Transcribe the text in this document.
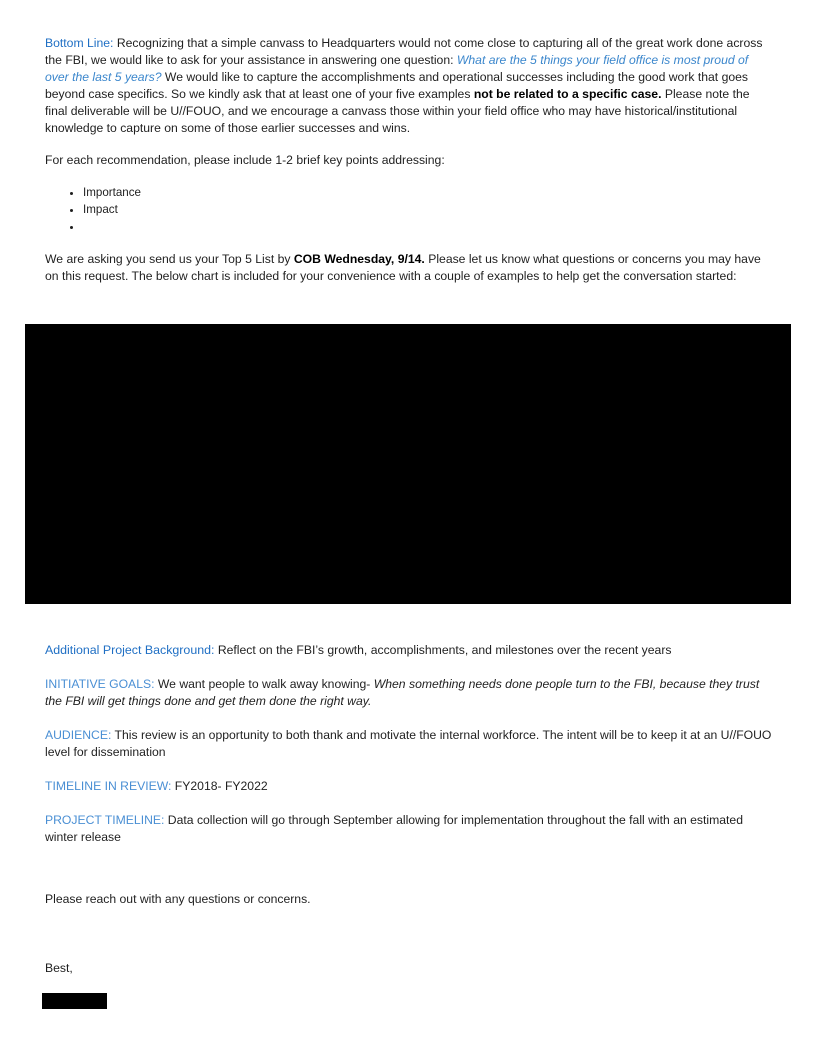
Bottom Line: Recognizing that a simple canvass to Headquarters would not come close to capturing all of the great work done across the FBI, we would like to ask for your assistance in answering one question: What are the 5 things your field office is most proud of over the last 5 years? We would like to capture the accomplishments and operational successes including the good work that goes beyond case specifics. So we kindly ask that at least one of your five examples not be related to a specific case. Please note the final deliverable will be U//FOUO, and we encourage a canvass those within your field office who may have historical/institutional knowledge to capture on some of those earlier successes and wins.

For each recommendation, please include 1-2 brief key points addressing:

• Importance
• Impact
•

We are asking you send us your Top 5 List by COB Wednesday, 9/14. Please let us know what questions or concerns you may have on this request. The below chart is included for your convenience with a couple of examples to help get the conversation started:

Additional Project Background: Reflect on the FBI’s growth, accomplishments, and milestones over the recent years

INITIATIVE GOALS: We want people to walk away knowing- When something needs done people turn to the FBI, because they trust the FBI will get things done and get them done the right way.

AUDIENCE: This review is an opportunity to both thank and motivate the internal workforce. The intent will be to keep it at an U//FOUO level for dissemination

TIMELINE IN REVIEW: FY2018- FY2022

PROJECT TIMELINE: Data collection will go through September allowing for implementation throughout the fall with an estimated winter release

Please reach out with any questions or concerns.
Best,
